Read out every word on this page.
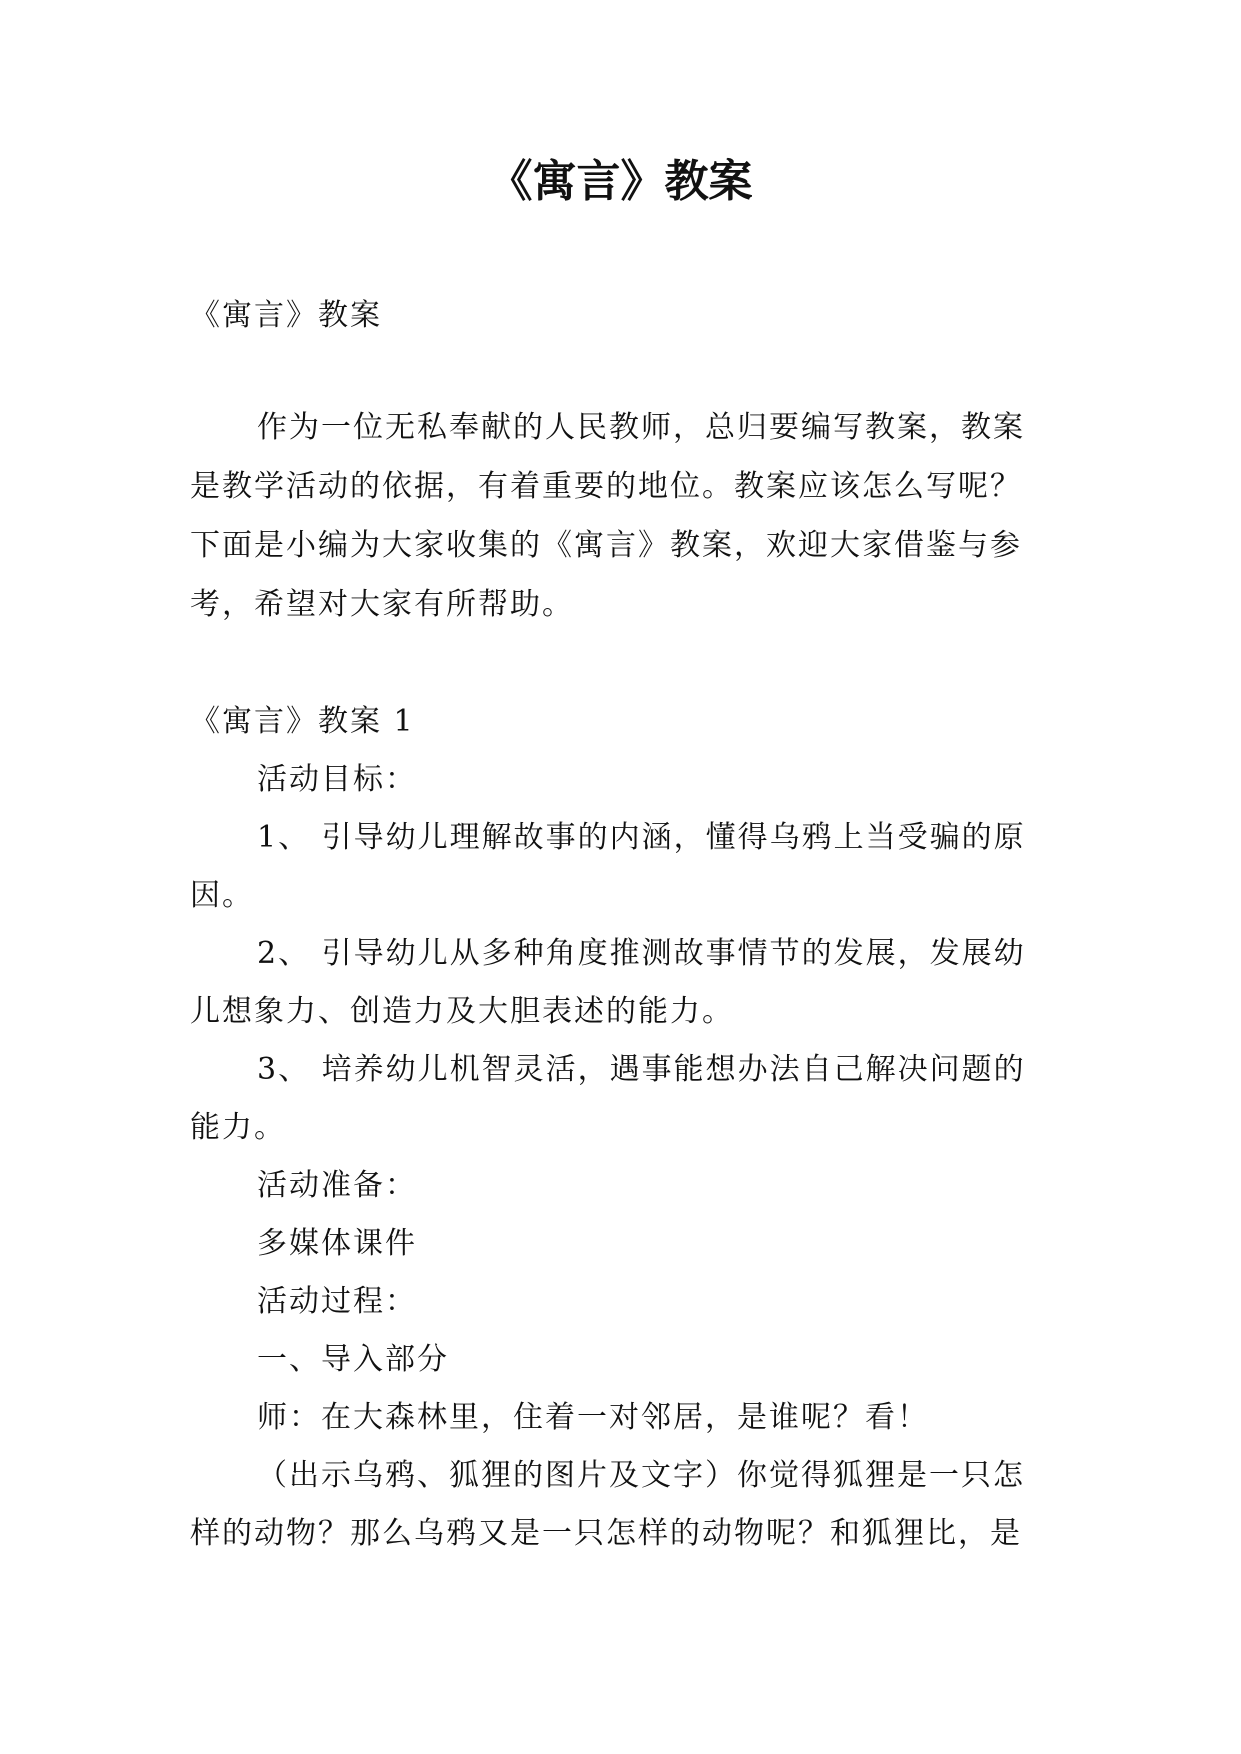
《寓言》教案
《寓言》教案
作为一位无私奉献的人民教师，总归要编写教案，教案
是教学活动的依据，有着重要的地位。教案应该怎么写呢？
下面是小编为大家收集的《寓言》教案，欢迎大家借鉴与参
考，希望对大家有所帮助。
《寓言》教案 1
活动目标：
1、 引导幼儿理解故事的内涵，懂得乌鸦上当受骗的原
因。
2、 引导幼儿从多种角度推测故事情节的发展，发展幼
儿想象力、创造力及大胆表述的能力。
3、 培养幼儿机智灵活，遇事能想办法自己解决问题的
能力。
活动准备：
多媒体课件
活动过程：
一、导入部分
师：在大森林里，住着一对邻居，是谁呢？看！
（出示乌鸦、狐狸的图片及文字）你觉得狐狸是一只怎
样的动物？那么乌鸦又是一只怎样的动物呢？和狐狸比，是
